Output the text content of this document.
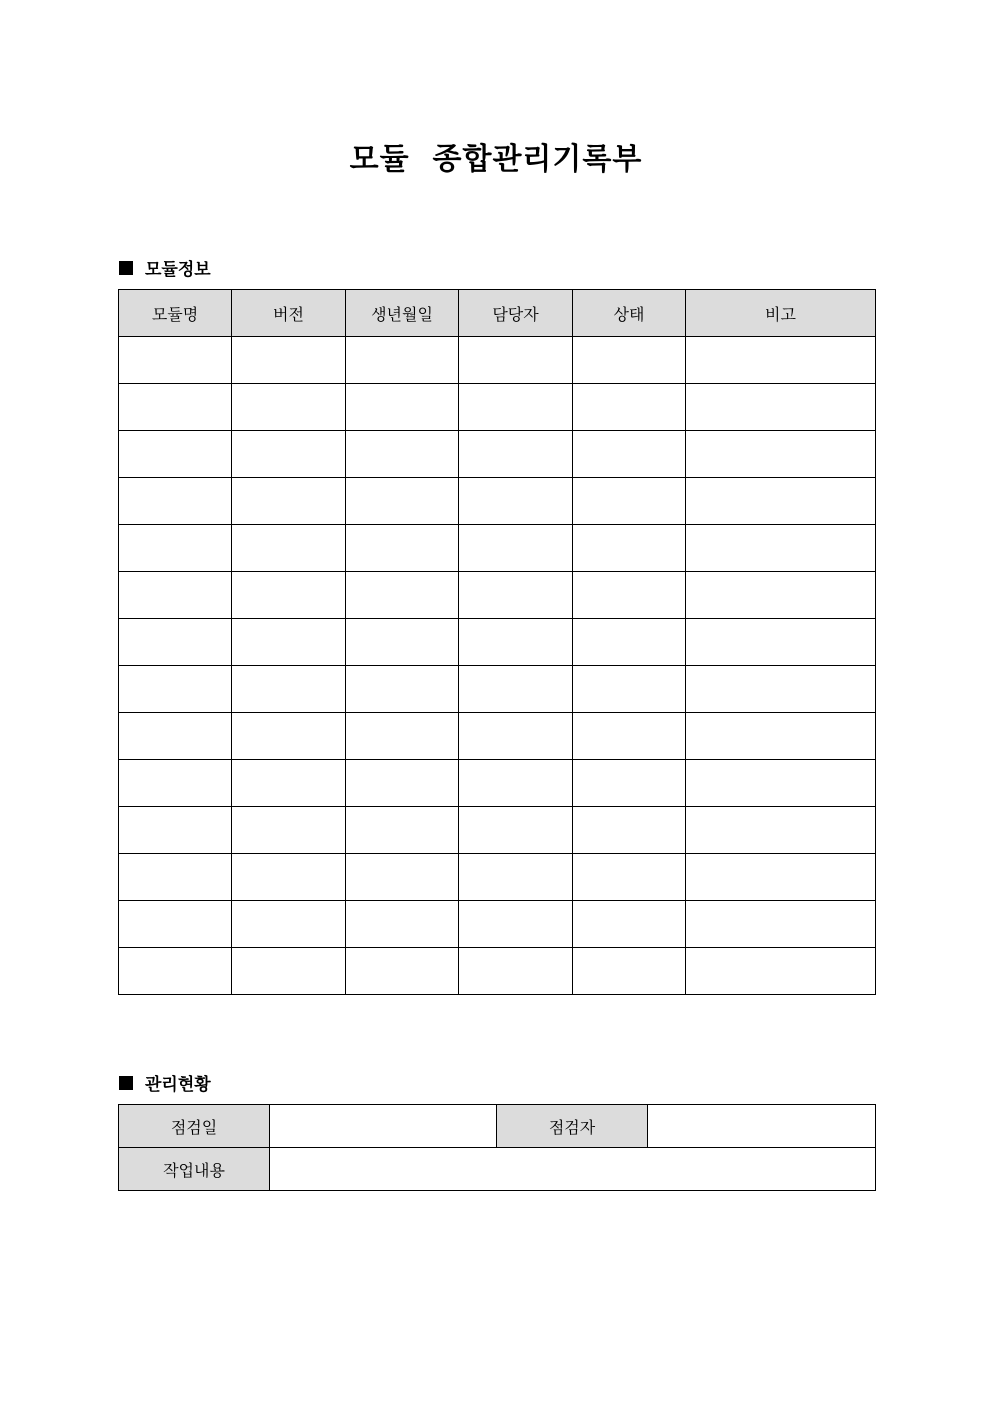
모듈  종합관리기록부
모듈정보
모듈명	버전	생년월일	담당자	상태	비고

관리현황
점검일		점검자	
작업내용			
